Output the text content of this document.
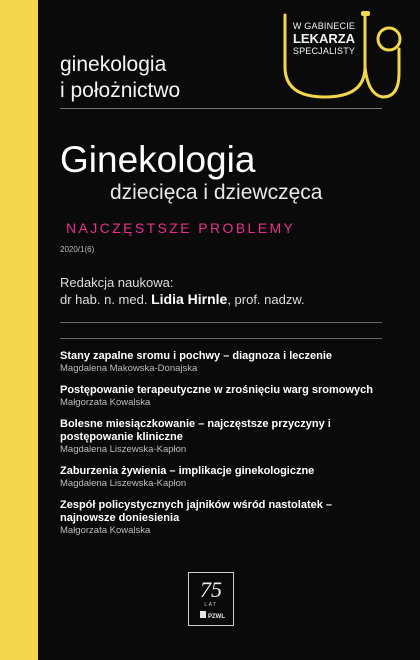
ginekologia
i położnictwo
W GABINECIE
LEKARZA
SPECJALISTY
Ginekologia
dziecięca i dziewczęca
NAJCZĘSTSZE PROBLEMY
2020/1(6)
Redakcja naukowa:
dr hab. n. med. Lidia Hirnle, prof. nadzw.
Stany zapalne sromu i pochwy – diagnoza i leczenie
Magdalena Makowska-Donajska
Postępowanie terapeutyczne w zrośnięciu warg sromowych
Małgorzata Kowalska
Bolesne miesiączkowanie – najczęstsze przyczyny i postępowanie kliniczne
Magdalena Liszewska-Kapłon
Zaburzenia żywienia – implikacje ginekologiczne
Magdalena Liszewska-Kapłon
Zespół policystycznych jajników wśród nastolatek – najnowsze doniesienia
Małgorzata Kowalska
75
LAT
PZWL
